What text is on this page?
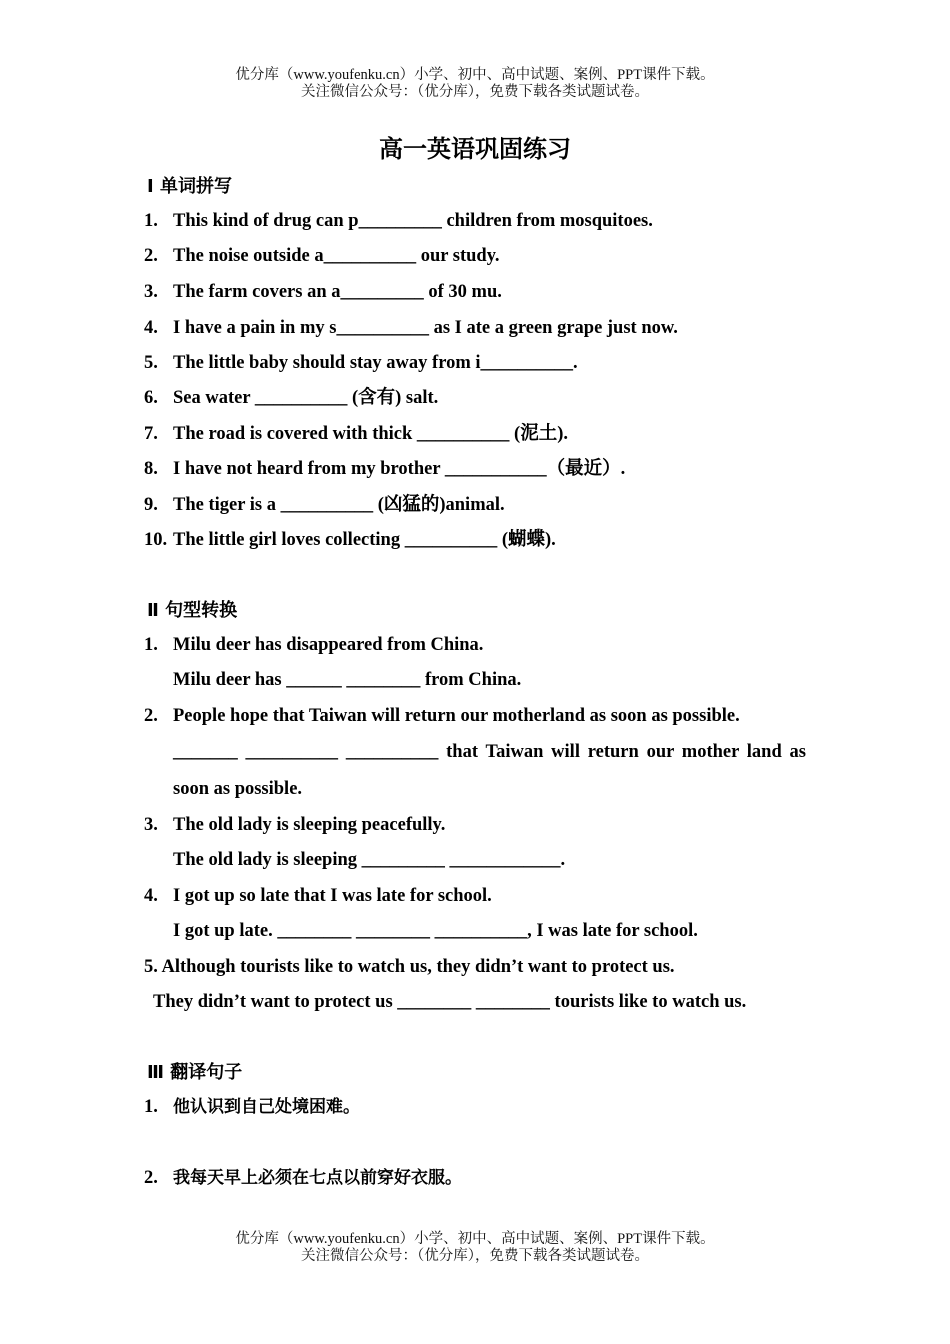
优分库（www.youfenku.cn）小学、初中、高中试题、案例、PPT课件下载。
关注微信公众号：（优分库），免费下载各类试题试卷。
高一英语巩固练习
Ⅰ 单词拼写
1. This kind of drug can p_________ children from mosquitoes.
2. The noise outside a__________ our study.
3. The farm covers an a_________ of 30 mu.
4. I have a pain in my s__________ as I ate a green grape just now.
5. The little baby should stay away from i__________.
6. Sea water __________ (含有) salt.
7. The road is covered with thick __________ (泥土).
8. I have not heard from my brother ___________（最近）.
9. The tiger is a __________ (凶猛的)animal.
10. The little girl loves collecting __________ (蝴蝶).
Ⅱ 句型转换
1. Milu deer has disappeared from China.
Milu deer has ______ ________ from China.
2. People hope that Taiwan will return our motherland as soon as possible.
_______ __________ __________ that Taiwan will return our mother land as
soon as possible.
3. The old lady is sleeping peacefully.
The old lady is sleeping _________ ____________.
4. I got up so late that I was late for school.
I got up late. ________ ________ __________, I was late for school.
5. Although tourists like to watch us, they didn’t want to protect us.
They didn’t want to protect us ________ ________ tourists like to watch us.
Ⅲ 翻译句子
1. 他认识到自己处境困难。
2. 我每天早上必须在七点以前穿好衣服。
优分库（www.youfenku.cn）小学、初中、高中试题、案例、PPT课件下载。
关注微信公众号：（优分库），免费下载各类试题试卷。
